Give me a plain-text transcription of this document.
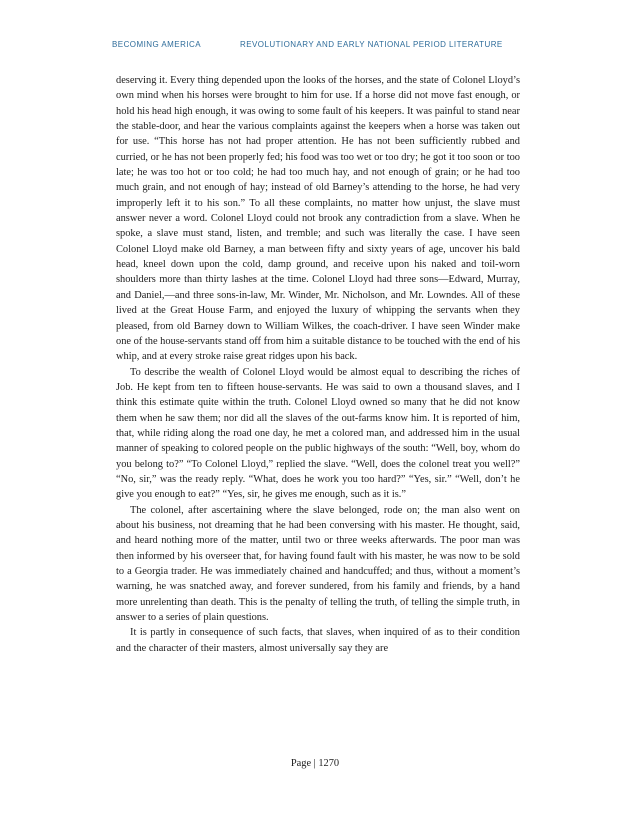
BECOMING AMERICA	REVOLUTIONARY AND EARLY NATIONAL PERIOD LITERATURE

deserving it. Every thing depended upon the looks of the horses, and the state of Colonel Lloyd’s own mind when his horses were brought to him for use. If a horse did not move fast enough, or hold his head high enough, it was owing to some fault of his keepers. It was painful to stand near the stable-door, and hear the various complaints against the keepers when a horse was taken out for use. “This horse has not had proper attention. He has not been sufficiently rubbed and curried, or he has not been properly fed; his food was too wet or too dry; he got it too soon or too late; he was too hot or too cold; he had too much hay, and not enough of grain; or he had too much grain, and not enough of hay; instead of old Barney’s attending to the horse, he had very improperly left it to his son.” To all these complaints, no matter how unjust, the slave must answer never a word. Colonel Lloyd could not brook any contradiction from a slave. When he spoke, a slave must stand, listen, and tremble; and such was literally the case. I have seen Colonel Lloyd make old Barney, a man between fifty and sixty years of age, uncover his bald head, kneel down upon the cold, damp ground, and receive upon his naked and toil-worn shoulders more than thirty lashes at the time. Colonel Lloyd had three sons—Edward, Murray, and Daniel,—and three sons-in-law, Mr. Winder, Mr. Nicholson, and Mr. Lowndes. All of these lived at the Great House Farm, and enjoyed the luxury of whipping the servants when they pleased, from old Barney down to William Wilkes, the coach-driver. I have seen Winder make one of the house-servants stand off from him a suitable distance to be touched with the end of his whip, and at every stroke raise great ridges upon his back.

To describe the wealth of Colonel Lloyd would be almost equal to describing the riches of Job. He kept from ten to fifteen house-servants. He was said to own a thousand slaves, and I think this estimate quite within the truth. Colonel Lloyd owned so many that he did not know them when he saw them; nor did all the slaves of the out-farms know him. It is reported of him, that, while riding along the road one day, he met a colored man, and addressed him in the usual manner of speaking to colored people on the public highways of the south: “Well, boy, whom do you belong to?” “To Colonel Lloyd,” replied the slave. “Well, does the colonel treat you well?” “No, sir,” was the ready reply. “What, does he work you too hard?” “Yes, sir.” “Well, don’t he give you enough to eat?” “Yes, sir, he gives me enough, such as it is.”

The colonel, after ascertaining where the slave belonged, rode on; the man also went on about his business, not dreaming that he had been conversing with his master. He thought, said, and heard nothing more of the matter, until two or three weeks afterwards. The poor man was then informed by his overseer that, for having found fault with his master, he was now to be sold to a Georgia trader. He was immediately chained and handcuffed; and thus, without a moment’s warning, he was snatched away, and forever sundered, from his family and friends, by a hand more unrelenting than death. This is the penalty of telling the truth, of telling the simple truth, in answer to a series of plain questions.

It is partly in consequence of such facts, that slaves, when inquired of as to their condition and the character of their masters, almost universally say they are

Page | 1270
